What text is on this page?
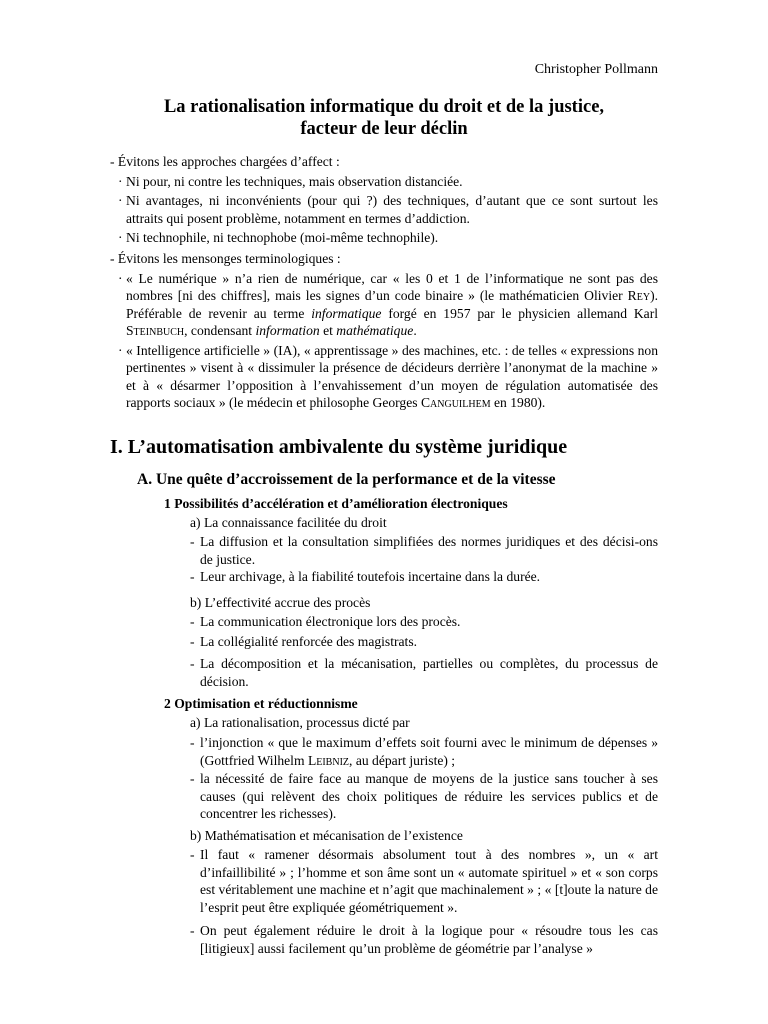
Christopher Pollmann
La rationalisation informatique du droit et de la justice,
facteur de leur déclin

- Évitons les approches chargées d’affect :

· Ni pour, ni contre les techniques, mais observation distanciée.

· Ni avantages, ni inconvénients (pour qui ?) des techniques, d’autant que ce sont surtout les attraits qui posent problème, notamment en termes d’addiction.

· Ni technophile, ni technophobe (moi-même technophile).

- Évitons les mensonges terminologiques :

· « Le numérique » n’a rien de numérique, car « les 0 et 1 de l’informatique ne sont pas des nombres [ni des chiffres], mais les signes d’un code binaire » (le mathématicien Olivier Rey). Préférable de revenir au terme informatique forgé en 1957 par le physicien allemand Karl Steinbuch, condensant information et mathématique.

· « Intelligence artificielle » (IA), « apprentissage » des machines, etc. : de telles « expressions non pertinentes » visent à « dissimuler la présence de décideurs derrière l’anonymat de la machine » et à « désarmer l’opposition à l’envahissement d’un moyen de régulation automatisée des rapports sociaux » (le médecin et philosophe Georges Canguilhem en 1980).

I. L’automatisation ambivalente du système juridique
A. Une quête d’accroissement de la performance et de la vitesse
1 Possibilités d’accélération et d’amélioration électroniques
a) La connaissance facilitée du droit
- La diffusion et la consultation simplifiées des normes juridiques et des décisi-ons de justice.
- Leur archivage, à la fiabilité toutefois incertaine dans la durée.
b) L’effectivité accrue des procès
- La communication électronique lors des procès.
- La collégialité renforcée des magistrats.
- La décomposition et la mécanisation, partielles ou complètes, du processus de décision.
2 Optimisation et réductionnisme
a) La rationalisation, processus dicté par
- l’injonction « que le maximum d’effets soit fourni avec le minimum de dépenses » (Gottfried Wilhelm Leibniz, au départ juriste) ;
- la nécessité de faire face au manque de moyens de la justice sans toucher à ses causes (qui relèvent des choix politiques de réduire les services publics et de concentrer les richesses).
b) Mathématisation et mécanisation de l’existence
- Il faut « ramener désormais absolument tout à des nombres », un « art d’infaillibilité » ; l’homme et son âme sont un « automate spirituel » et « son corps est véritablement une machine et n’agit que machinalement » ; « [t]oute la nature de l’esprit peut être expliquée géométriquement ».
- On peut également réduire le droit à la logique pour « résoudre tous les cas [litigieux] aussi facilement qu’un problème de géométrie par l’analyse »
